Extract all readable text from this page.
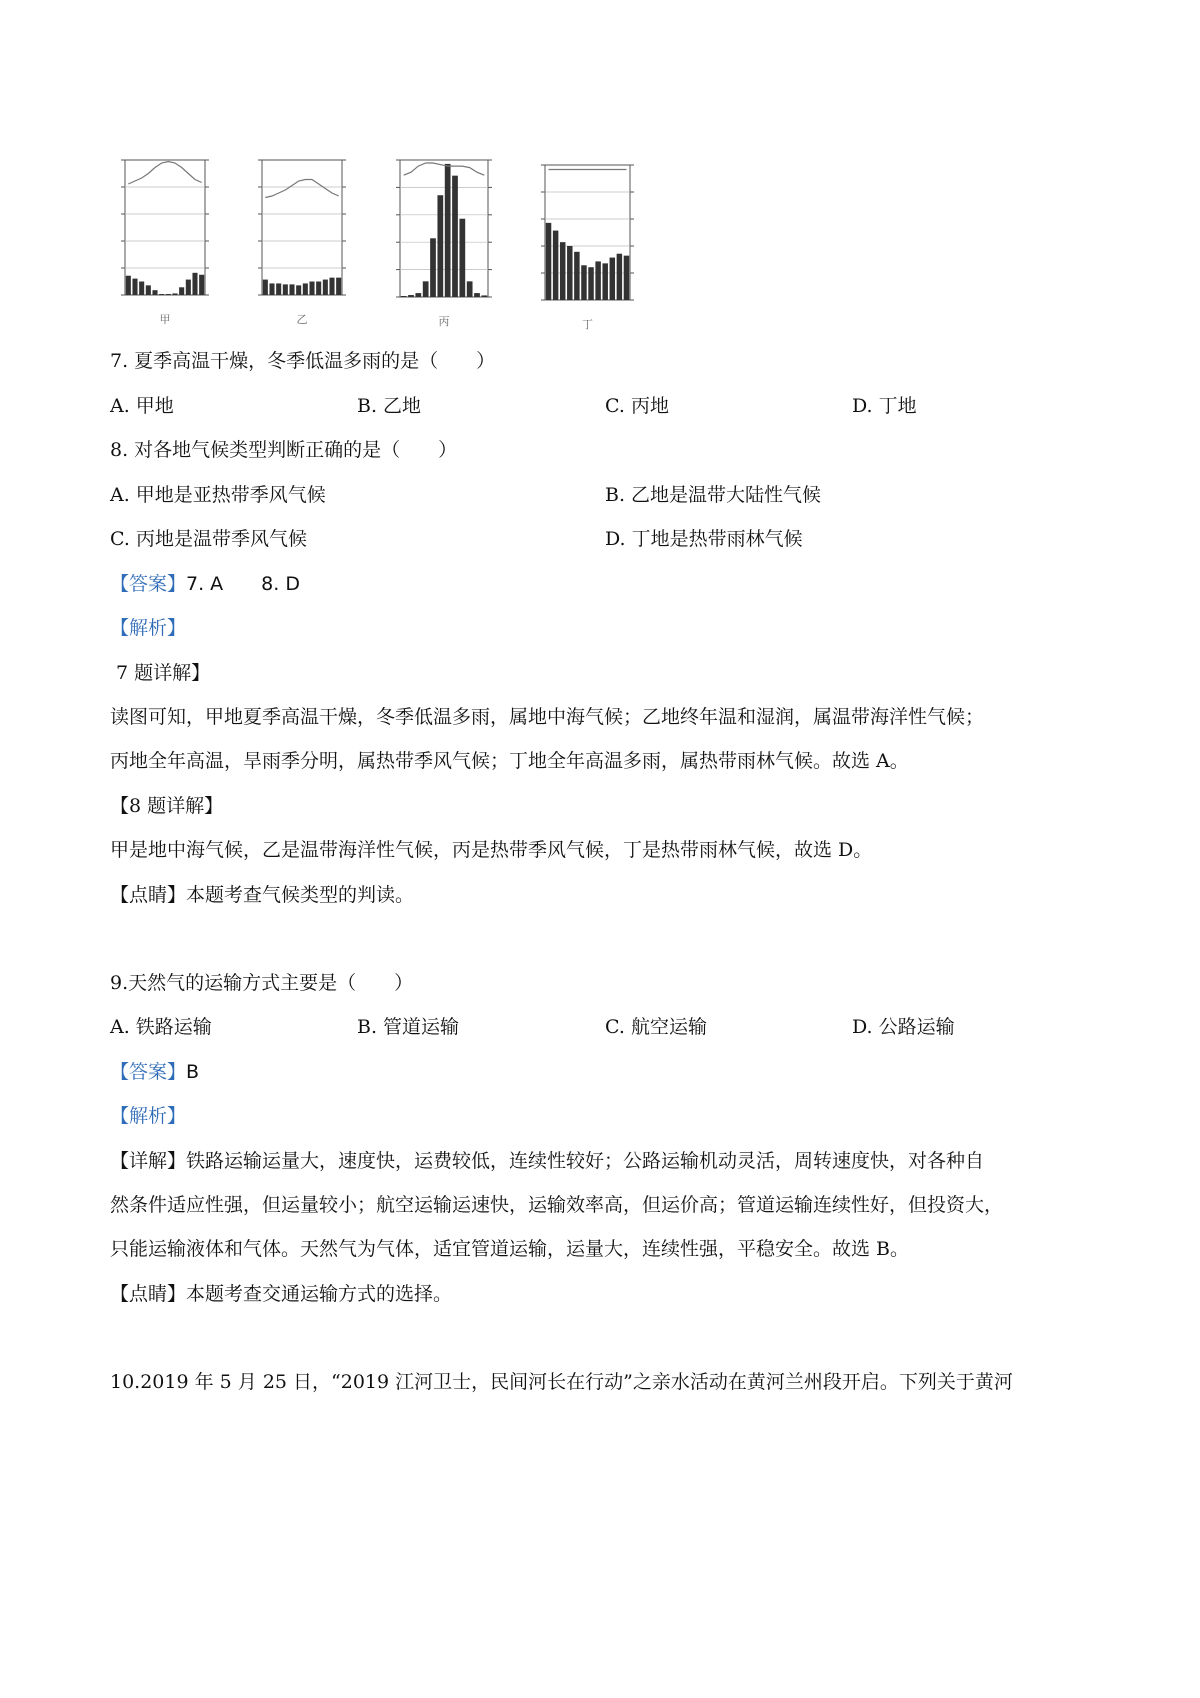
甲	乙	丙	丁
7. 夏季高温干燥，冬季低温多雨的是（　　）
A. 甲地	B. 乙地	C. 丙地	D. 丁地
8. 对各地气候类型判断正确的是（　　）
A. 甲地是亚热带季风气候	B. 乙地是温带大陆性气候
C. 丙地是温带季风气候	D. 丁地是热带雨林气候
【答案】7. A　　8. D
【解析】
7 题详解】
读图可知，甲地夏季高温干燥，冬季低温多雨，属地中海气候；乙地终年温和湿润，属温带海洋性气候；
丙地全年高温，旱雨季分明，属热带季风气候；丁地全年高温多雨，属热带雨林气候。故选 A。
【8 题详解】
甲是地中海气候，乙是温带海洋性气候，丙是热带季风气候，丁是热带雨林气候，故选 D。
【点睛】本题考查气候类型的判读。
9.天然气的运输方式主要是（　　）
A. 铁路运输	B. 管道运输	C. 航空运输	D. 公路运输
【答案】B
【解析】
【详解】铁路运输运量大，速度快，运费较低，连续性较好；公路运输机动灵活，周转速度快，对各种自
然条件适应性强，但运量较小；航空运输运速快，运输效率高，但运价高；管道运输连续性好，但投资大，
只能运输液体和气体。天然气为气体，适宜管道运输，运量大，连续性强，平稳安全。故选 B。
【点睛】本题考查交通运输方式的选择。
10.2019 年 5 月 25 日，“2019 江河卫士，民间河长在行动”之亲水活动在黄河兰州段开启。下列关于黄河
